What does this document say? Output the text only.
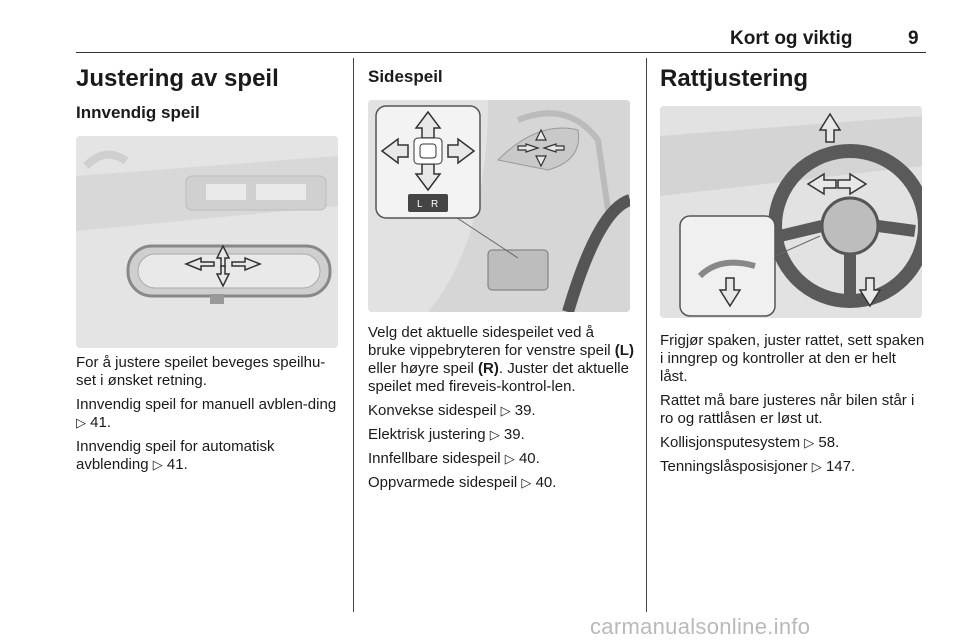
Kort og viktig	9
Justering av speil
Innvendig speil

For å justere speilet beveges speilhu-set i ønsket retning.

Innvendig speil for manuell avblen-ding ▷ 41.

Innvendig speil for automatisk avblending ▷ 41.

Sidespeil
L R

Velg det aktuelle sidespeilet ved å bruke vippebryteren for venstre speil (L) eller høyre speil (R). Juster det aktuelle speilet med fireveis-kontrol-len.

Konvekse sidespeil ▷ 39.

Elektrisk justering ▷ 39.

Innfellbare sidespeil ▷ 40.

Oppvarmede sidespeil ▷ 40.

Rattjustering

Frigjør spaken, juster rattet, sett spaken i inngrep og kontroller at den er helt låst.

Rattet må bare justeres når bilen står i ro og rattlåsen er løst ut.

Kollisjonsputesystem ▷ 58.

Tenningslåsposisjoner ▷ 147.

carmanualsonline.info
